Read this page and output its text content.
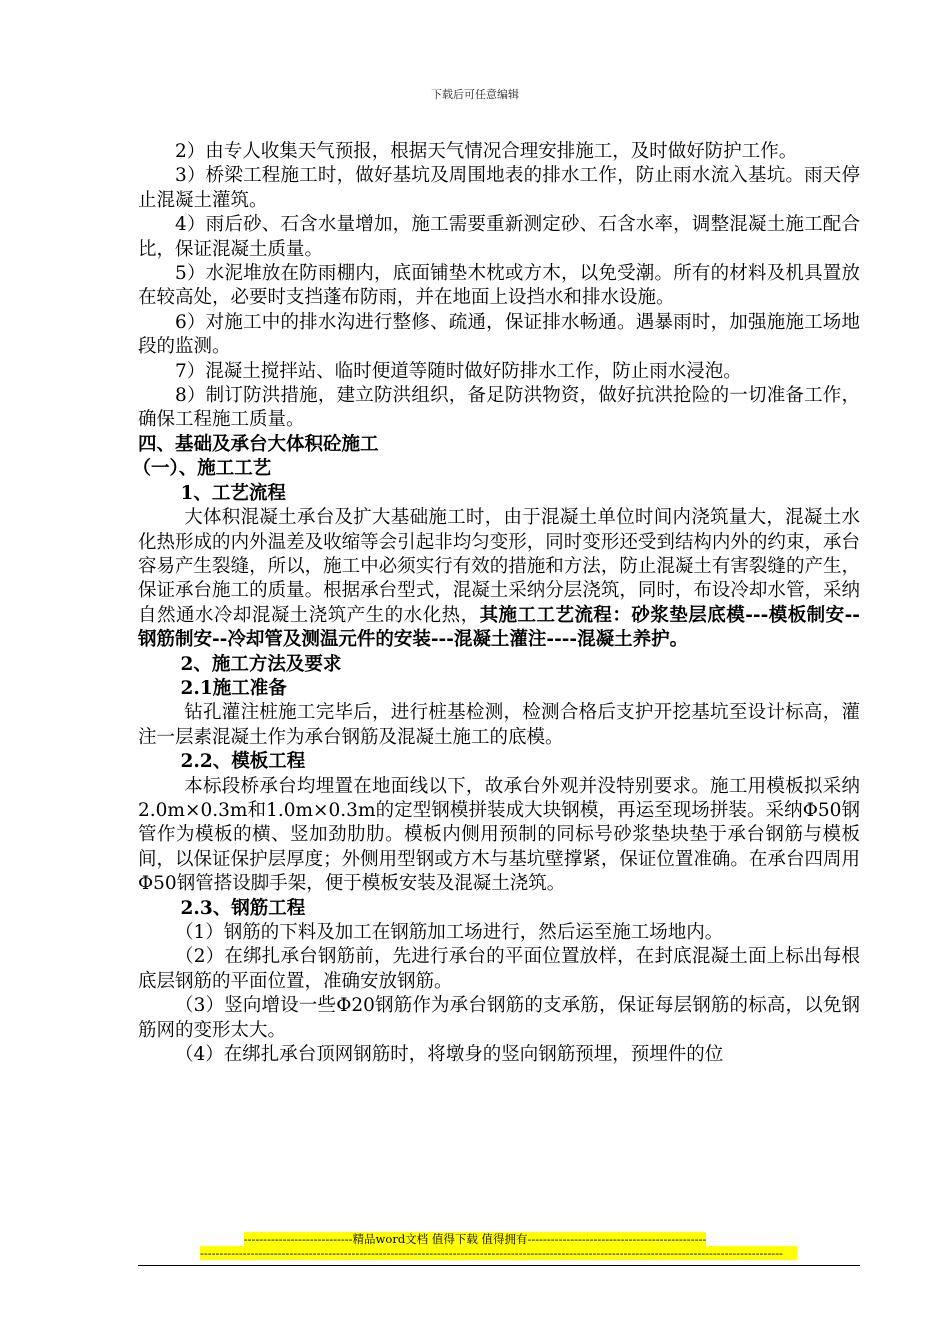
下载后可任意编辑

2）由专人收集天气预报，根据天气情况合理安排施工，及时做好防护工作。

3）桥梁工程施工时，做好基坑及周围地表的排水工作，防止雨水流入基坑。雨天停止混凝土灌筑。

4）雨后砂、石含水量增加，施工需要重新测定砂、石含水率，调整混凝土施工配合比，保证混凝土质量。

5）水泥堆放在防雨棚内，底面铺垫木枕或方木，以免受潮。所有的材料及机具置放在较高处，必要时支挡蓬布防雨，并在地面上设挡水和排水设施。

6）对施工中的排水沟进行整修、疏通，保证排水畅通。遇暴雨时，加强施施工场地段的监测。

7）混凝土搅拌站、临时便道等随时做好防排水工作，防止雨水浸泡。

8）制订防洪措施，建立防洪组织，备足防洪物资，做好抗洪抢险的一切准备工作，确保工程施工质量。

四、基础及承台大体积砼施工

（一）、施工工艺

1、工艺流程

大体积混凝土承台及扩大基础施工时，由于混凝土单位时间内浇筑量大，混凝土水化热形成的内外温差及收缩等会引起非均匀变形，同时变形还受到结构内外的约束，承台容易产生裂缝，所以，施工中必须实行有效的措施和方法，防止混凝土有害裂缝的产生，保证承台施工的质量。根据承台型式，混凝土采纳分层浇筑，同时，布设冷却水管，采纳自然通水冷却混凝土浇筑产生的水化热，其施工工艺流程：砂浆垫层底模---模板制安--钢筋制安--冷却管及测温元件的安装---混凝土灌注----混凝土养护。

2、施工方法及要求

2.1施工准备

钻孔灌注桩施工完毕后，进行桩基检测，检测合格后支护开挖基坑至设计标高，灌注一层素混凝土作为承台钢筋及混凝土施工的底模。

2.2、模板工程

本标段桥承台均埋置在地面线以下，故承台外观并没特别要求。施工用模板拟采纳2.0m×0.3m和1.0m×0.3m的定型钢模拼装成大块钢模，再运至现场拼装。采纳Φ50钢管作为模板的横、竖加劲肋肋。模板内侧用预制的同标号砂浆垫块垫于承台钢筋与模板间，以保证保护层厚度；外侧用型钢或方木与基坑壁撑紧，保证位置准确。在承台四周用Φ50钢管搭设脚手架，便于模板安装及混凝土浇筑。

2.3、钢筋工程

（1）钢筋的下料及加工在钢筋加工场进行，然后运至施工场地内。

（2）在绑扎承台钢筋前，先进行承台的平面位置放样，在封底混凝土面上标出每根底层钢筋的平面位置，准确安放钢筋。

（3）竖向增设一些Φ20钢筋作为承台钢筋的支承筋，保证每层钢筋的标高，以免钢筋网的变形太大。

（4）在绑扎承台顶网钢筋时，将墩身的竖向钢筋预埋，预埋件的位

----------------------------精品word文档 值得下载 值得拥有----------------------------------------------
------------------------------------------------------------------------------------------------------------------------------------------------------
